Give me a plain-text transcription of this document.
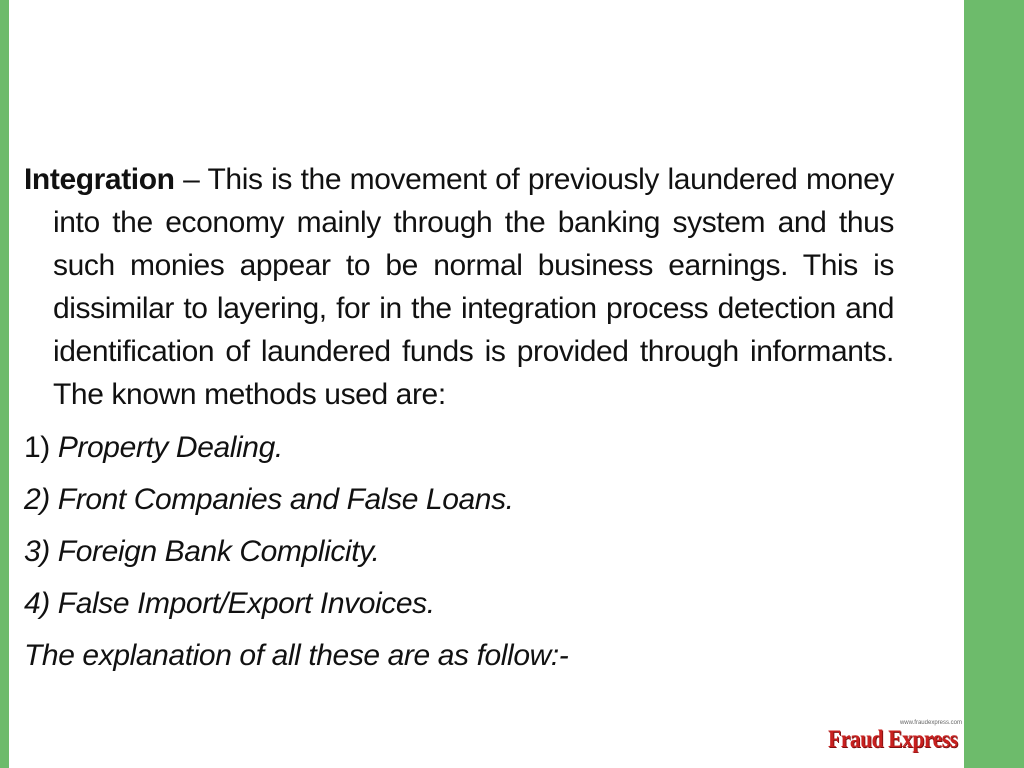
Integration – This is the movement of previously laundered money into the economy mainly through the banking system and thus such monies appear to be normal business earnings. This is dissimilar to layering, for in the integration process detection and identification of laundered funds is provided through informants. The known methods used are:

1) Property Dealing.
2) Front Companies and False Loans.
3) Foreign Bank Complicity.
4) False Import/Export Invoices.
The explanation of all these are as follow:-
www.fraudexpress.com
Fraud Express
